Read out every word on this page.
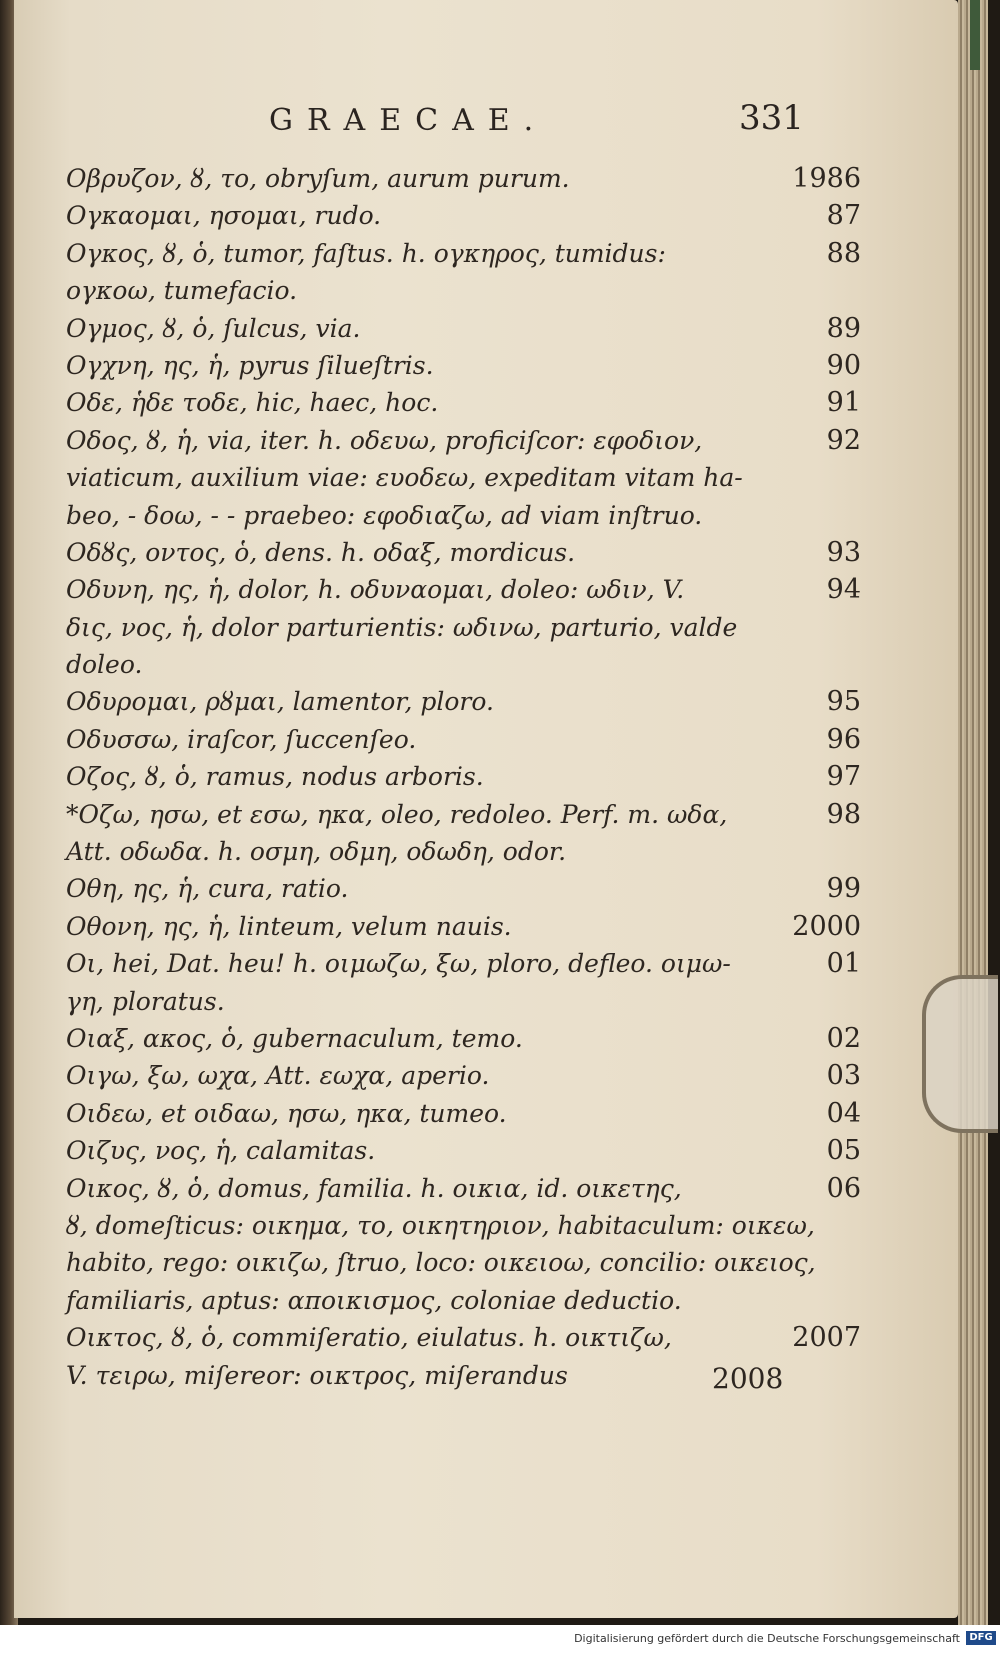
GRAECAE.	331
Οβρυζον, ȣ, το, obryſum, aurum purum.	1986
Ογκαομαι, ησομαι, rudo.	87
Ογκος, ȣ, ὁ, tumor, faſtus. h. ογκηρος, tumidus:	88
ογκοω, tumefacio.
Ογμος, ȣ, ὁ, ſulcus, via.	89
Ογχνη, ης, ἡ, pyrus ſilueſtris.	90
Οδε, ἡδε τοδε, hic, haec, hoc.	91
Οδος, ȣ, ἡ, via, iter. h. οδευω, proficiſcor: εφοδιον,	92
viaticum, auxilium viae: ευοδεω, expeditam vitam ha-
beo, - δοω, - - praebeo: εφοδιαζω, ad viam inſtruo.
Οδȣς, οντος, ὁ, dens. h. οδαξ, mordicus.	93
Οδυνη, ης, ἡ, dolor, h. οδυναομαι, doleo: ωδιν, V.	94
δις, νος, ἡ, dolor parturientis: ωδινω, parturio, valde
doleo.
Οδυρομαι, ρȣμαι, lamentor, ploro.	95
Οδυσσω, iraſcor, ſuccenſeo.	96
Οζος, ȣ, ὁ, ramus, nodus arboris.	97
*Οζω, ησω, et εσω, ηκα, oleo, redoleo. Perf. m. ωδα,	98
Att. οδωδα. h. οσμη, οδμη, οδωδη, odor.
Οθη, ης, ἡ, cura, ratio.	99
Οθονη, ης, ἡ, linteum, velum nauis.	2000
Οι, hei, Dat. heu! h. οιμωζω, ξω, ploro, defleo. οιμω-	01
γη, ploratus.
Οιαξ, ακος, ὁ, gubernaculum, temo.	02
Οιγω, ξω, ωχα, Att. εωχα, aperio.	03
Οιδεω, et οιδαω, ησω, ηκα, tumeo.	04
Οιζυς, νος, ἡ, calamitas.	05
Οικος, ȣ, ὁ, domus, familia. h. οικια, id. οικετης,	06
ȣ, domeſticus: οικημα, το, οικητηριον, habitaculum: οικεω,
habito, rego: οικιζω, ſtruo, loco: οικειοω, concilio: οικειος,
familiaris, aptus: αποικισμος, coloniae deductio.
Οικτος, ȣ, ὁ, commiſeratio, eiulatus. h. οικτιζω,	2007
V. τειρω, miſereor: οικτρος, miſerandus	2008
Digitalisierung gefördert durch die Deutsche Forschungsgemeinschaft DFG
